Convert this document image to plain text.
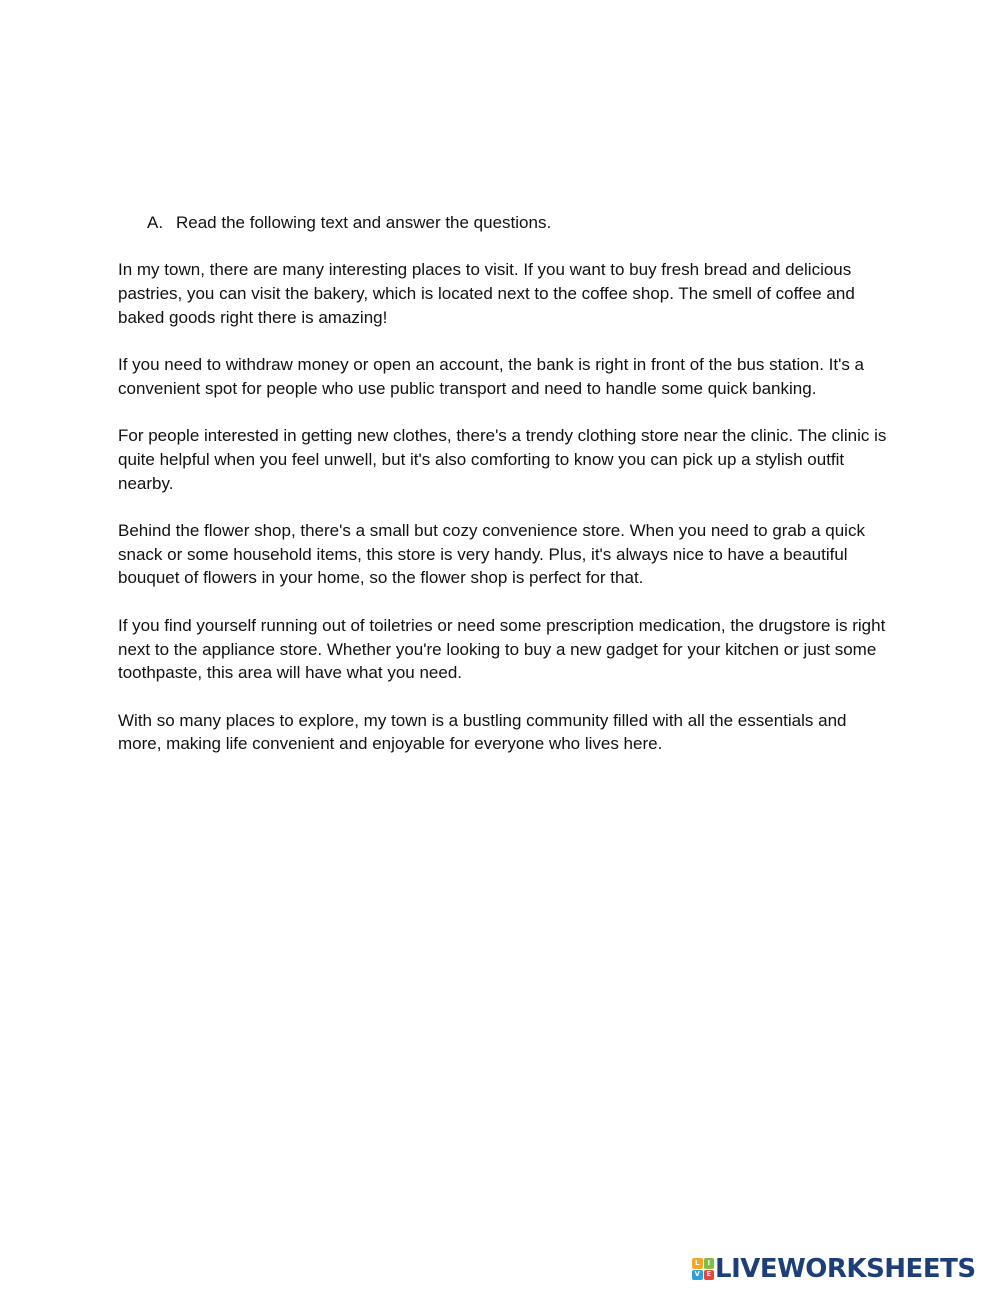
A. Read the following text and answer the questions.

In my town, there are many interesting places to visit. If you want to buy fresh bread and delicious pastries, you can visit the bakery, which is located next to the coffee shop. The smell of coffee and baked goods right there is amazing!

If you need to withdraw money or open an account, the bank is right in front of the bus station. It's a convenient spot for people who use public transport and need to handle some quick banking.

For people interested in getting new clothes, there's a trendy clothing store near the clinic. The clinic is quite helpful when you feel unwell, but it's also comforting to know you can pick up a stylish outfit nearby.

Behind the flower shop, there's a small but cozy convenience store. When you need to grab a quick snack or some household items, this store is very handy. Plus, it's always nice to have a beautiful bouquet of flowers in your home, so the flower shop is perfect for that.

If you find yourself running out of toiletries or need some prescription medication, the drugstore is right next to the appliance store. Whether you're looking to buy a new gadget for your kitchen or just some toothpaste, this area will have what you need.

With so many places to explore, my town is a bustling community filled with all the essentials and more, making life convenient and enjoyable for everyone who lives here.

L	I
V E LIVEWORKSHEETS
